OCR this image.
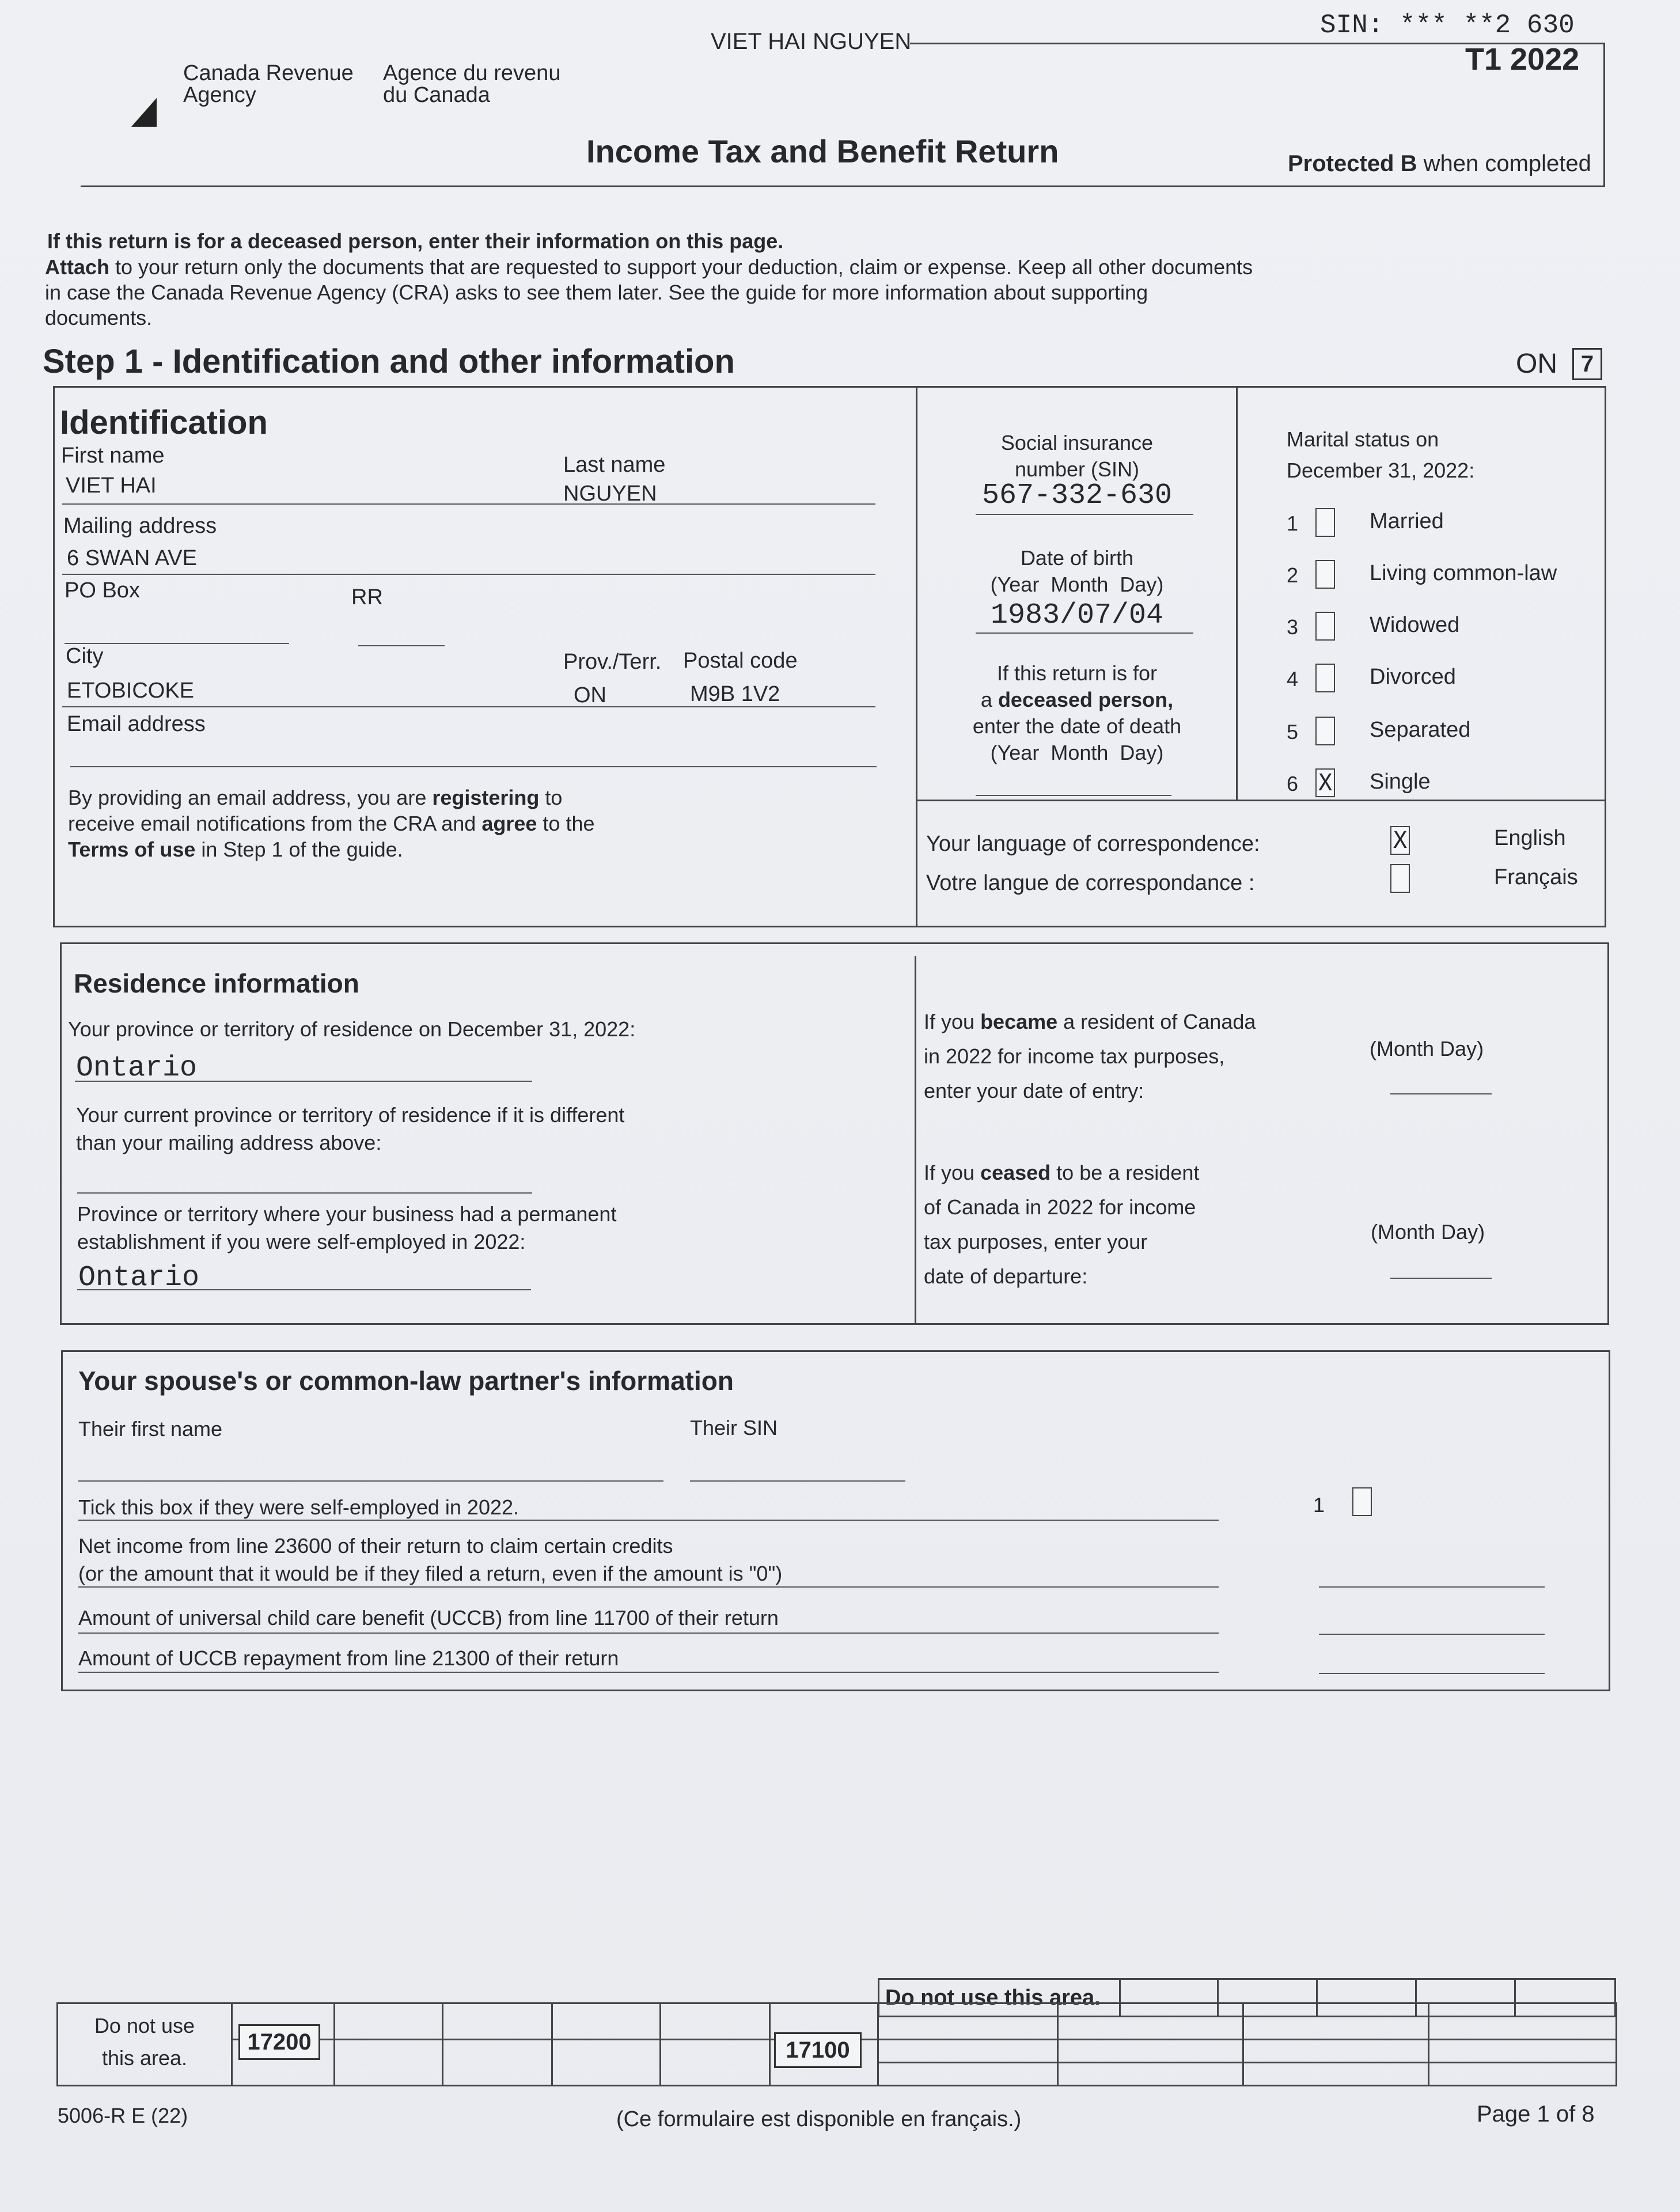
VIET HAI NGUYEN
SIN: *** **2 630
T1 2022
Canada Revenue
Agency
Agence du revenu
du Canada
Income Tax and Benefit Return	Protected B when completed
If this return is for a deceased person, enter their information on this page.
Attach to your return only the documents that are requested to support your deduction, claim or expense. Keep all other documents in case the Canada Revenue Agency (CRA) asks to see them later. See the guide for more information about supporting documents.
Step 1 - Identification and other information	ON	7
Identification
First name
VIET HAI
Last name
NGUYEN
Mailing address
6 SWAN AVE
PO Box	RR
City	Prov./Terr. Postal code
ETOBICOKE	ON	M9B 1V2
Email address
By providing an email address, you are registering to receive email notifications from the CRA and agree to the Terms of use in Step 1 of the guide.
Social insurance
number (SIN)
567-332-630
Date of birth
(Year  Month  Day)
1983/07/04
If this return is for
a deceased person,
enter the date of death
(Year  Month  Day)
Marital status on
December 31, 2022:
1	Married
2	Living common-law
3	Widowed
4	Divorced
5	Separated
6 X Single
Your language of correspondence:
Votre langue de correspondance :
X	English
Français
Residence information
Your province or territory of residence on December 31, 2022:
Ontario
Your current province or territory of residence if it is different
than your mailing address above:
Province or territory where your business had a permanent
establishment if you were self-employed in 2022:
Ontario
If you became a resident of Canada
in 2022 for income tax purposes,
enter your date of entry:
(Month Day)
If you ceased to be a resident
of Canada in 2022 for income
tax purposes, enter your
date of departure:
(Month Day)
Your spouse's or common-law partner's information
Their first name	Their SIN
Tick this box if they were self-employed in 2022.	1
Net income from line 23600 of their return to claim certain credits
(or the amount that it would be if they filed a return, even if the amount is "0")
Amount of universal child care benefit (UCCB) from line 11700 of their return
Amount of UCCB repayment from line 21300 of their return
Do not use this area.
Do not use
this area.
17200	17100
5006-R E (22)	(Ce formulaire est disponible en français.)	Page 1 of 8
